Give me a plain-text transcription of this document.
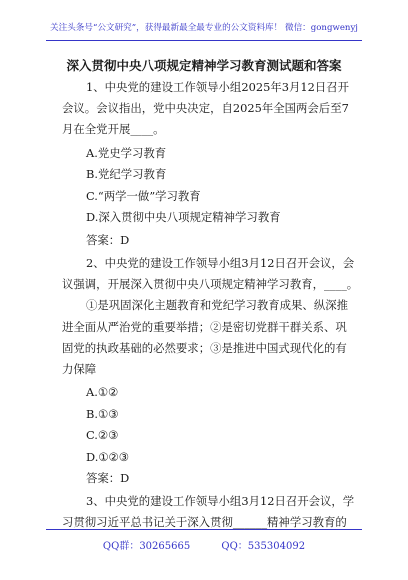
关注头条号“公文研究”，获得最新最全最专业的公文资料库！ 微信：gongwenyj
深入贯彻中央八项规定精神学习教育测试题和答案
1、中央党的建设工作领导小组2025年3月12日召开
会议。会议指出，党中央决定，自2025年全国两会后至7
月在全党开展____。
A.党史学习教育
B.党纪学习教育
C.“两学一做”学习教育
D.深入贯彻中央八项规定精神学习教育
答案：D
2、中央党的建设工作领导小组3月12日召开会议，会
议强调，开展深入贯彻中央八项规定精神学习教育，____。
①是巩固深化主题教育和党纪学习教育成果、纵深推
进全面从严治党的重要举措；②是密切党群干群关系、巩
固党的执政基础的必然要求；③是推进中国式现代化的有
力保障
A.①②
B.①③
C.②③
D.①②③
答案：D
3、中央党的建设工作领导小组3月12日召开会议，学
习贯彻习近平总书记关于深入贯彻______精神学习教育的
QQ群：30265665	QQ：535304092
